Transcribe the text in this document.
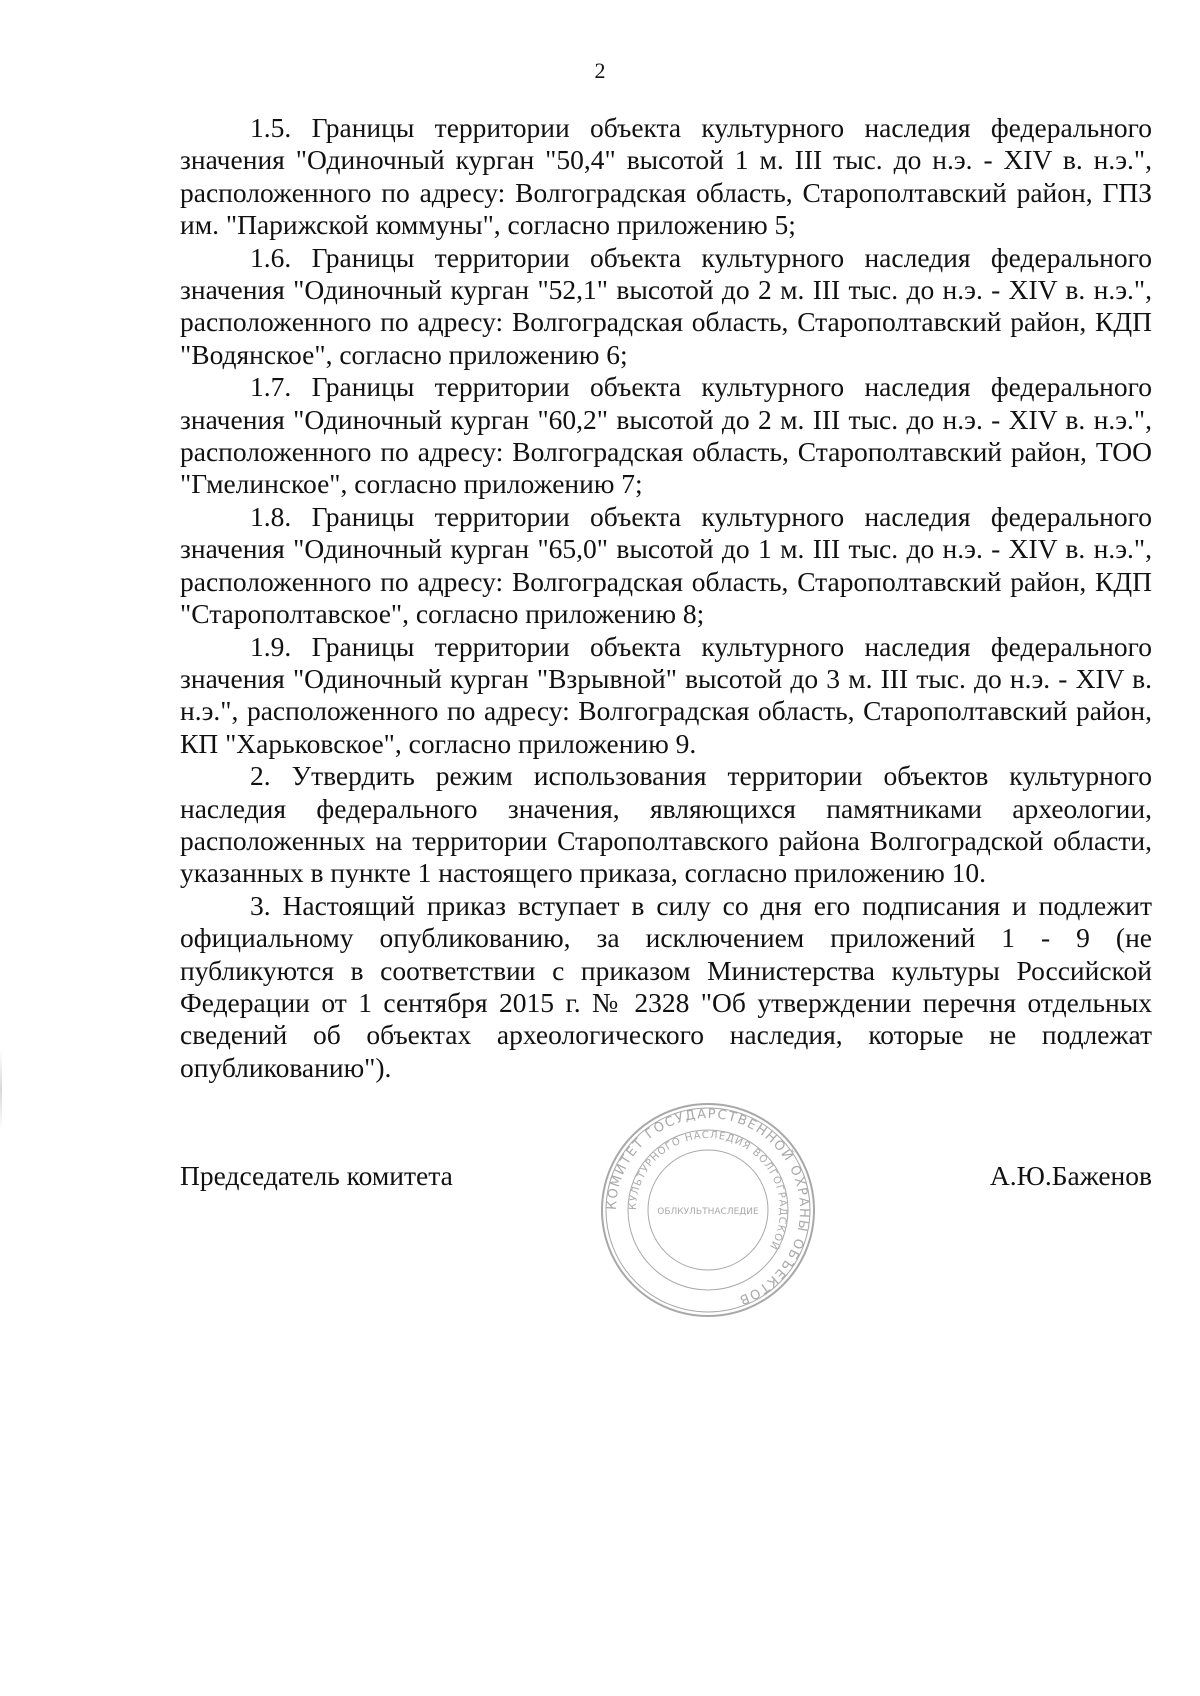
2

1.5. Границы территории объекта культурного наследия федерального значения "Одиночный курган "50,4" высотой 1 м. III тыс. до н.э. - XIV в. н.э.", расположенного по адресу: Волгоградская область, Старополтавский район, ГПЗ им. "Парижской коммуны", согласно приложению 5;

1.6. Границы территории объекта культурного наследия федерального значения "Одиночный курган "52,1" высотой до 2 м. III тыс. до н.э. - XIV в. н.э.", расположенного по адресу: Волгоградская область, Старополтавский район, КДП "Водянское", согласно приложению 6;

1.7. Границы территории объекта культурного наследия федерального значения "Одиночный курган "60,2" высотой до 2 м. III тыс. до н.э. - XIV в. н.э.", расположенного по адресу: Волгоградская область, Старополтавский район, ТОО "Гмелинское", согласно приложению 7;

1.8. Границы территории объекта культурного наследия федерального значения "Одиночный курган "65,0" высотой до 1 м. III тыс. до н.э. - XIV в. н.э.", расположенного по адресу: Волгоградская область, Старополтавский район, КДП "Старополтавское", согласно приложению 8;

1.9. Границы территории объекта культурного наследия федерального значения "Одиночный курган "Взрывной" высотой до 3 м. III тыс. до н.э. - XIV в. н.э.", расположенного по адресу: Волгоградская область, Старополтавский район, КП "Харьковское", согласно приложению 9.

2. Утвердить режим использования территории объектов культурного наследия федерального значения, являющихся памятниками археологии, расположенных на территории Старополтавского района Волгоградской области, указанных в пункте 1 настоящего приказа, согласно приложению 10.

3. Настоящий приказ вступает в силу со дня его подписания и подлежит официальному опубликованию, за исключением приложений 1 - 9 (не публикуются в соответствии с приказом Министерства культуры Российской Федерации от 1 сентября 2015 г. № 2328 "Об утверждении перечня отдельных сведений об объектах археологического наследия, которые не подлежат опубликованию").

Председатель комитета	А.Ю.Баженов
КОМИТЕТ ГОСУДАРСТВЕННОЙ ОХРАНЫ ОБЪЕКТОВ
КУЛЬТУРНОГО НАСЛЕДИЯ ВОЛГОГРАДСКОЙ
ОБЛКУЛЬТНАСЛЕДИЕ
